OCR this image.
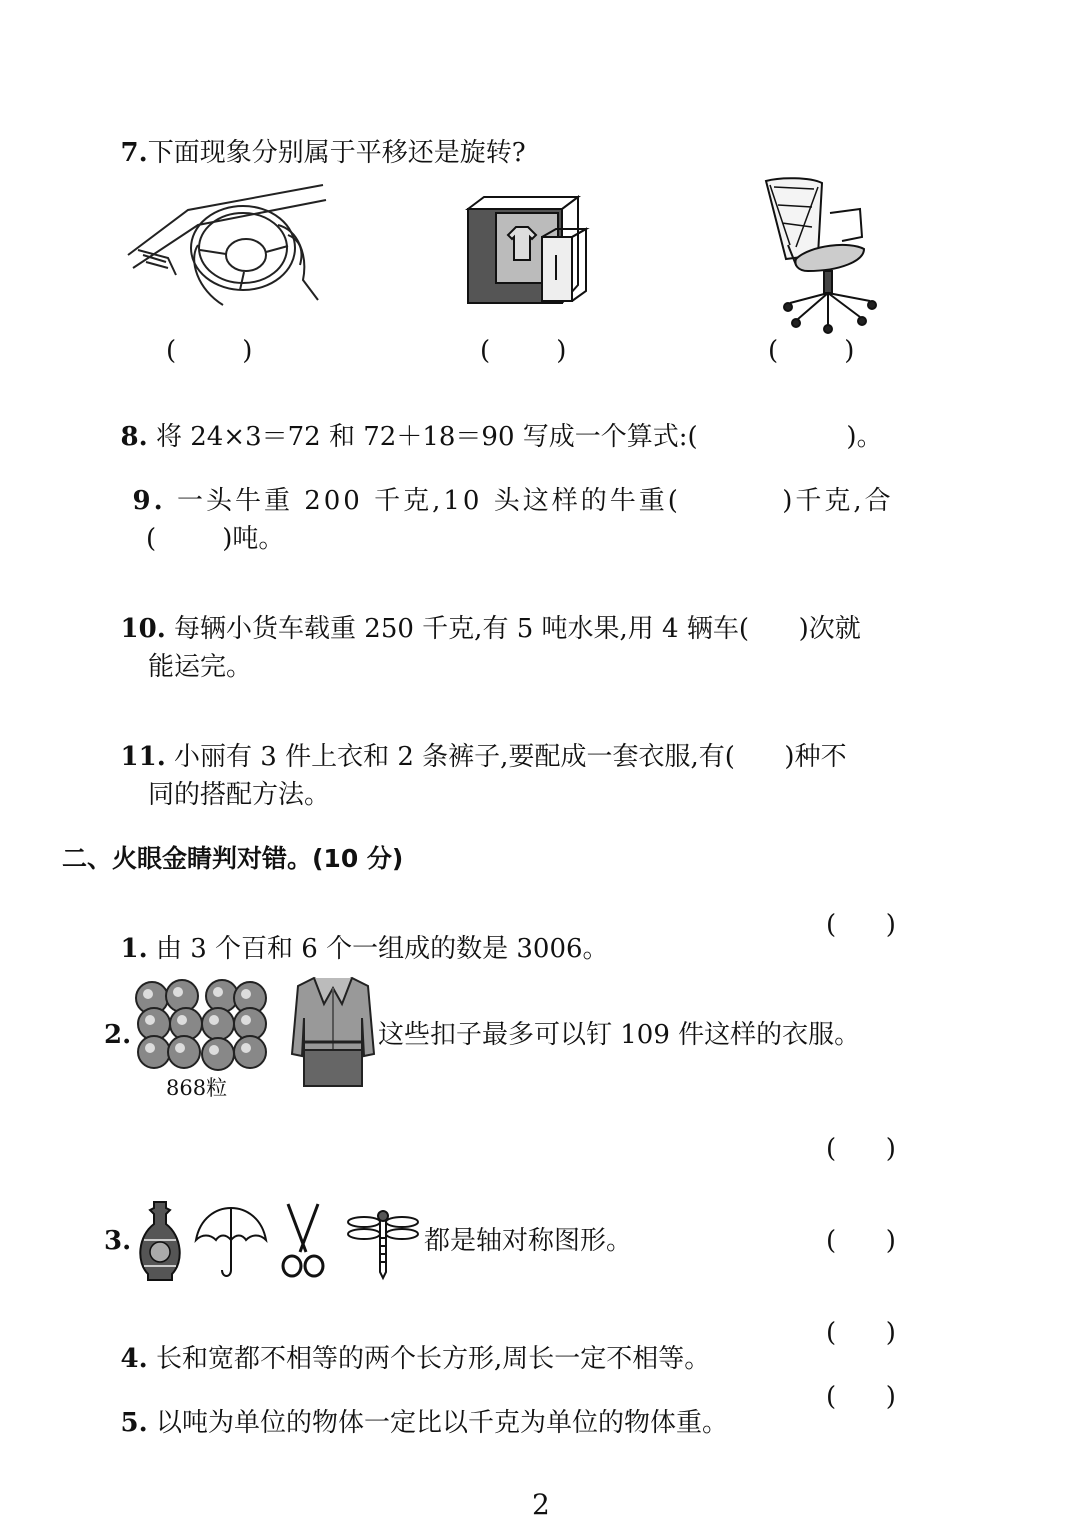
7.下面现象分别属于平移还是旋转?

(        )	(        )	(        )

8. 将 24×3＝72 和 72＋18＝90 写成一个算式:(                  )。

9. 一头牛重 200 千克,10 头这样的牛重(         )千克,合

(        )吨。

10. 每辆小货车载重 250 千克,有 5 吨水果,用 4 辆车(      )次就

能运完。

11. 小丽有 3 件上衣和 2 条裤子,要配成一套衣服,有(      )种不

同的搭配方法。
二、火眼金睛判对错。(10 分)

1. 由 3 个百和 6 个一组成的数是 3006。

(      )
2.
868粒
这些扣子最多可以钉 109 件这样的衣服。
(      )
3.	都是轴对称图形。	(      )

4. 长和宽都不相等的两个长方形,周长一定不相等。

(      )

5. 以吨为单位的物体一定比以千克为单位的物体重。

(      )
2
